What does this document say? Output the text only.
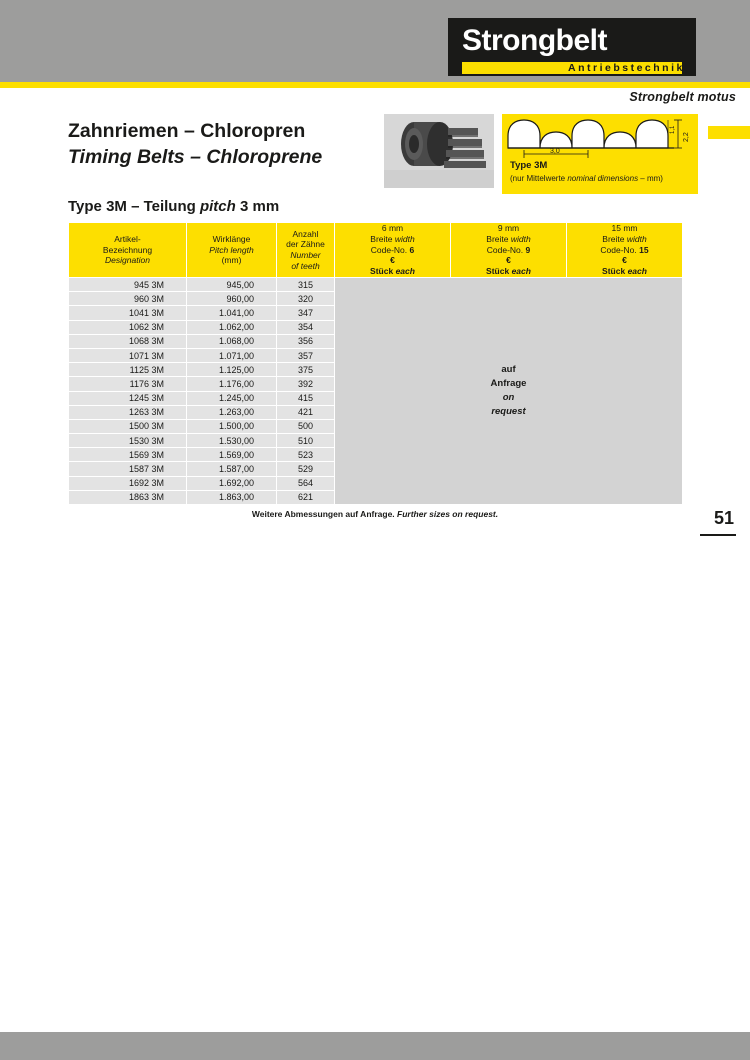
Strongbelt
Antriebstechnik
Strongbelt motus
Zahnriemen – Chloropren
Timing Belts – Chloroprene
Type 3M – Teilung pitch 3 mm
3,0
2,2
1,1
Type 3M
(nur Mittelwerte nominal dimensions – mm)
Artikel-
Bezeichnung
Designation	Wirklänge
Pitch length
(mm)	Anzahl
der Zähne
Number
of teeth	6 mm
Breite width
Code-No. 6
€
Stück each	9 mm
Breite width
Code-No. 9
€
Stück each	15 mm
Breite width
Code-No. 15
€
Stück each
945 3M	945,00	315	auf
Anfrage
on
request		
960 3M	960,00	320			
1041 3M	1.041,00	347			
1062 3M	1.062,00	354			
1068 3M	1.068,00	356			
1071 3M	1.071,00	357			
1125 3M	1.125,00	375			
1176 3M	1.176,00	392			
1245 3M	1.245,00	415			
1263 3M	1.263,00	421			
1500 3M	1.500,00	500			
1530 3M	1.530,00	510			
1569 3M	1.569,00	523			
1587 3M	1.587,00	529			
1692 3M	1.692,00	564			
1863 3M	1.863,00	621			
Weitere Abmessungen auf Anfrage. Further sizes on request.	51
